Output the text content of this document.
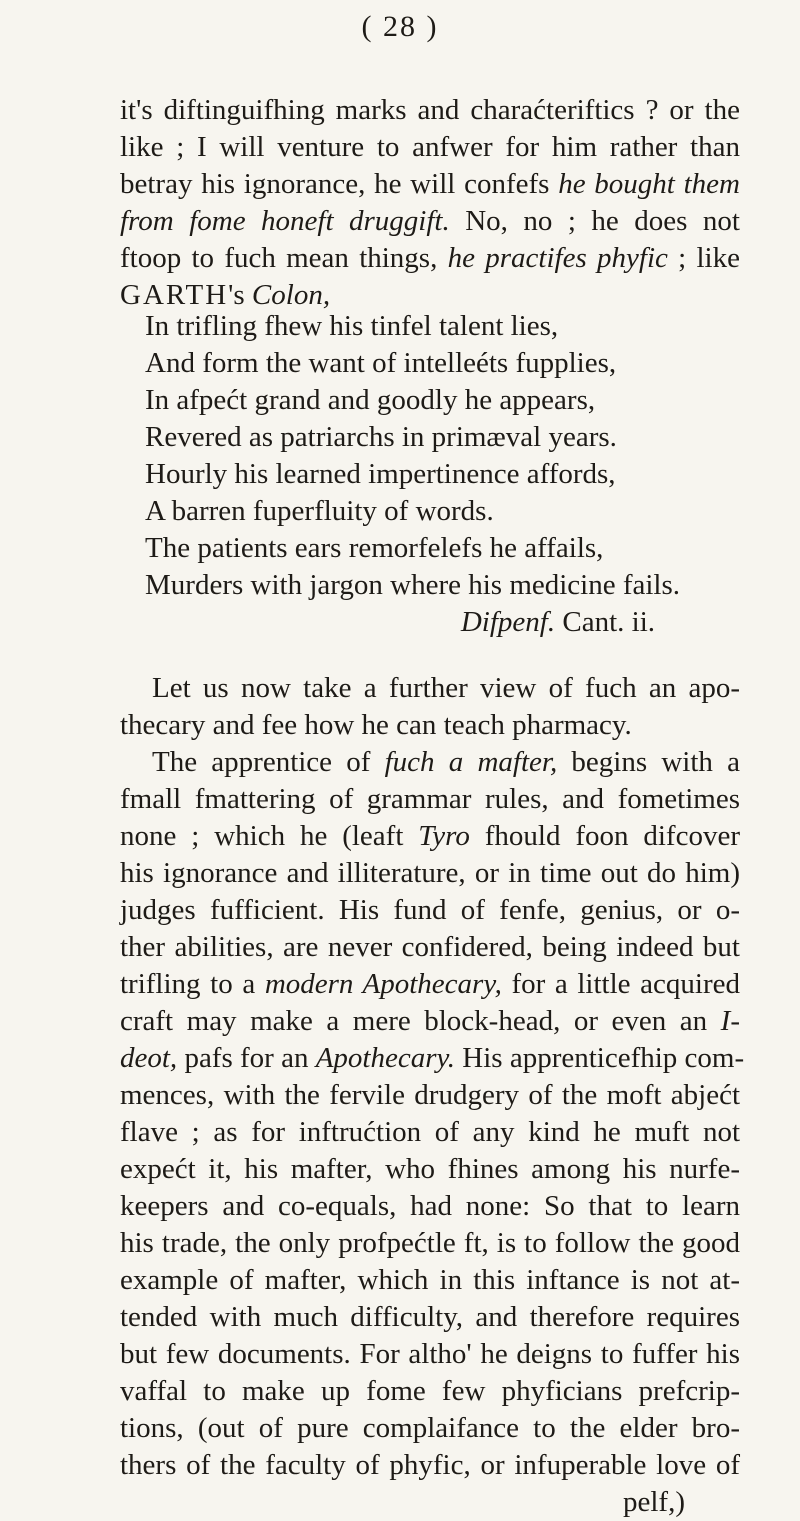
( 28 )
it's diftinguifhing marks and charaćteriftics ? or the
like ; I will venture to anfwer for him rather than
betray his ignorance, he will confefs he bought them
from fome honeft druggift. No, no ; he does not
ftoop to fuch mean things, he practifes phyfic ; like
GARTH's Colon,
In trifling fhew his tinfel talent lies,
And form the want of intelleéts fupplies,
In afpećt grand and goodly he appears,
Revered as patriarchs in primæval years.
Hourly his learned impertinence affords,
A barren fuperfluity of words.
The patients ears remorfelefs he affails,
Murders with jargon where his medicine fails.
Difpenf. Cant. ii.
Let us now take a further view of fuch an apo-
thecary and fee how he can teach pharmacy.
The apprentice of fuch a mafter, begins with a
fmall fmattering of grammar rules, and fometimes
none ; which he (leaft Tyro fhould foon difcover
his ignorance and illiterature, or in time out do him)
judges fufficient. His fund of fenfe, genius, or o-
ther abilities, are never confidered, being indeed but
trifling to a modern Apothecary, for a little acquired
craft may make a mere block-head, or even an I-
deot, pafs for an Apothecary. His apprenticefhip com-
mences, with the fervile drudgery of the moft abjećt
flave ; as for inftrućtion of any kind he muft not
expećt it, his mafter, who fhines among his nurfe-
keepers and co-equals, had none: So that to learn
his trade, the only profpećtle ft, is to follow the good
example of mafter, which in this inftance is not at-
tended with much difficulty, and therefore requires
but few documents. For altho' he deigns to fuffer his
vaffal to make up fome few phyficians prefcrip-
tions, (out of pure complaifance to the elder bro-
thers of the faculty of phyfic, or infuperable love of
pelf,)
